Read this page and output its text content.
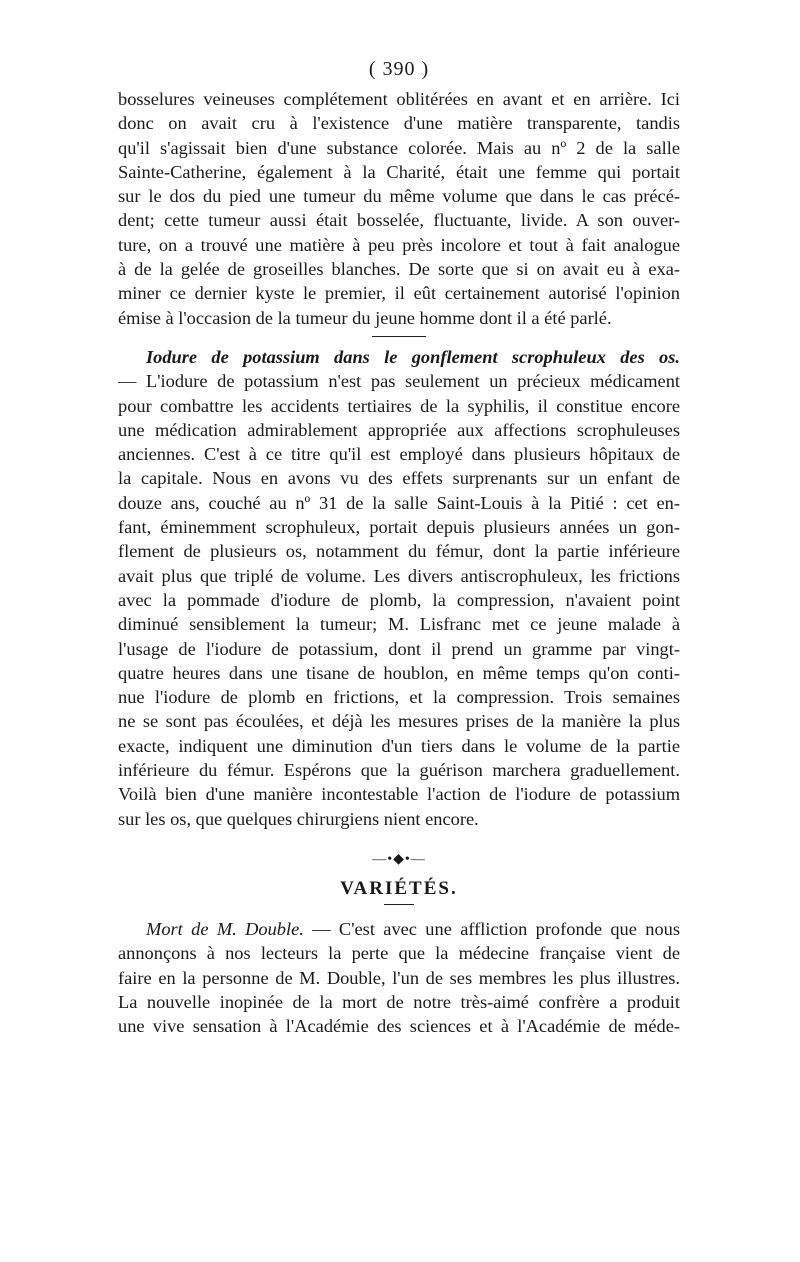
( 390 )
bosselures veineuses complétement oblitérées en avant et en arrière. Ici
donc on avait cru à l'existence d'une matière transparente, tandis
qu'il s'agissait bien d'une substance colorée. Mais au nº 2 de la salle
Sainte-Catherine, également à la Charité, était une femme qui portait
sur le dos du pied une tumeur du même volume que dans le cas précé-
dent; cette tumeur aussi était bosselée, fluctuante, livide. A son ouver-
ture, on a trouvé une matière à peu près incolore et tout à fait analogue
à de la gelée de groseilles blanches. De sorte que si on avait eu à exa-
miner ce dernier kyste le premier, il eût certainement autorisé l'opinion
émise à l'occasion de la tumeur du jeune homme dont il a été parlé.
Iodure de potassium dans le gonflement scrophuleux des os.
— L'iodure de potassium n'est pas seulement un précieux médicament
pour combattre les accidents tertiaires de la syphilis, il constitue encore
une médication admirablement appropriée aux affections scrophuleuses
anciennes. C'est à ce titre qu'il est employé dans plusieurs hôpitaux de
la capitale. Nous en avons vu des effets surprenants sur un enfant de
douze ans, couché au nº 31 de la salle Saint-Louis à la Pitié : cet en-
fant, éminemment scrophuleux, portait depuis plusieurs années un gon-
flement de plusieurs os, notamment du fémur, dont la partie inférieure
avait plus que triplé de volume. Les divers antiscrophuleux, les frictions
avec la pommade d'iodure de plomb, la compression, n'avaient point
diminué sensiblement la tumeur; M. Lisfranc met ce jeune malade à
l'usage de l'iodure de potassium, dont il prend un gramme par vingt-
quatre heures dans une tisane de houblon, en même temps qu'on conti-
nue l'iodure de plomb en frictions, et la compression. Trois semaines
ne se sont pas écoulées, et déjà les mesures prises de la manière la plus
exacte, indiquent une diminution d'un tiers dans le volume de la partie
inférieure du fémur. Espérons que la guérison marchera graduellement.
Voilà bien d'une manière incontestable l'action de l'iodure de potassium
sur les os, que quelques chirurgiens nient encore.
—•◆•—
VARIÉTÉS.
Mort de M. Double. — C'est avec une affliction profonde que nous
annonçons à nos lecteurs la perte que la médecine française vient de
faire en la personne de M. Double, l'un de ses membres les plus illustres.
La nouvelle inopinée de la mort de notre très-aimé confrère a produit
une vive sensation à l'Académie des sciences et à l'Académie de méde-
